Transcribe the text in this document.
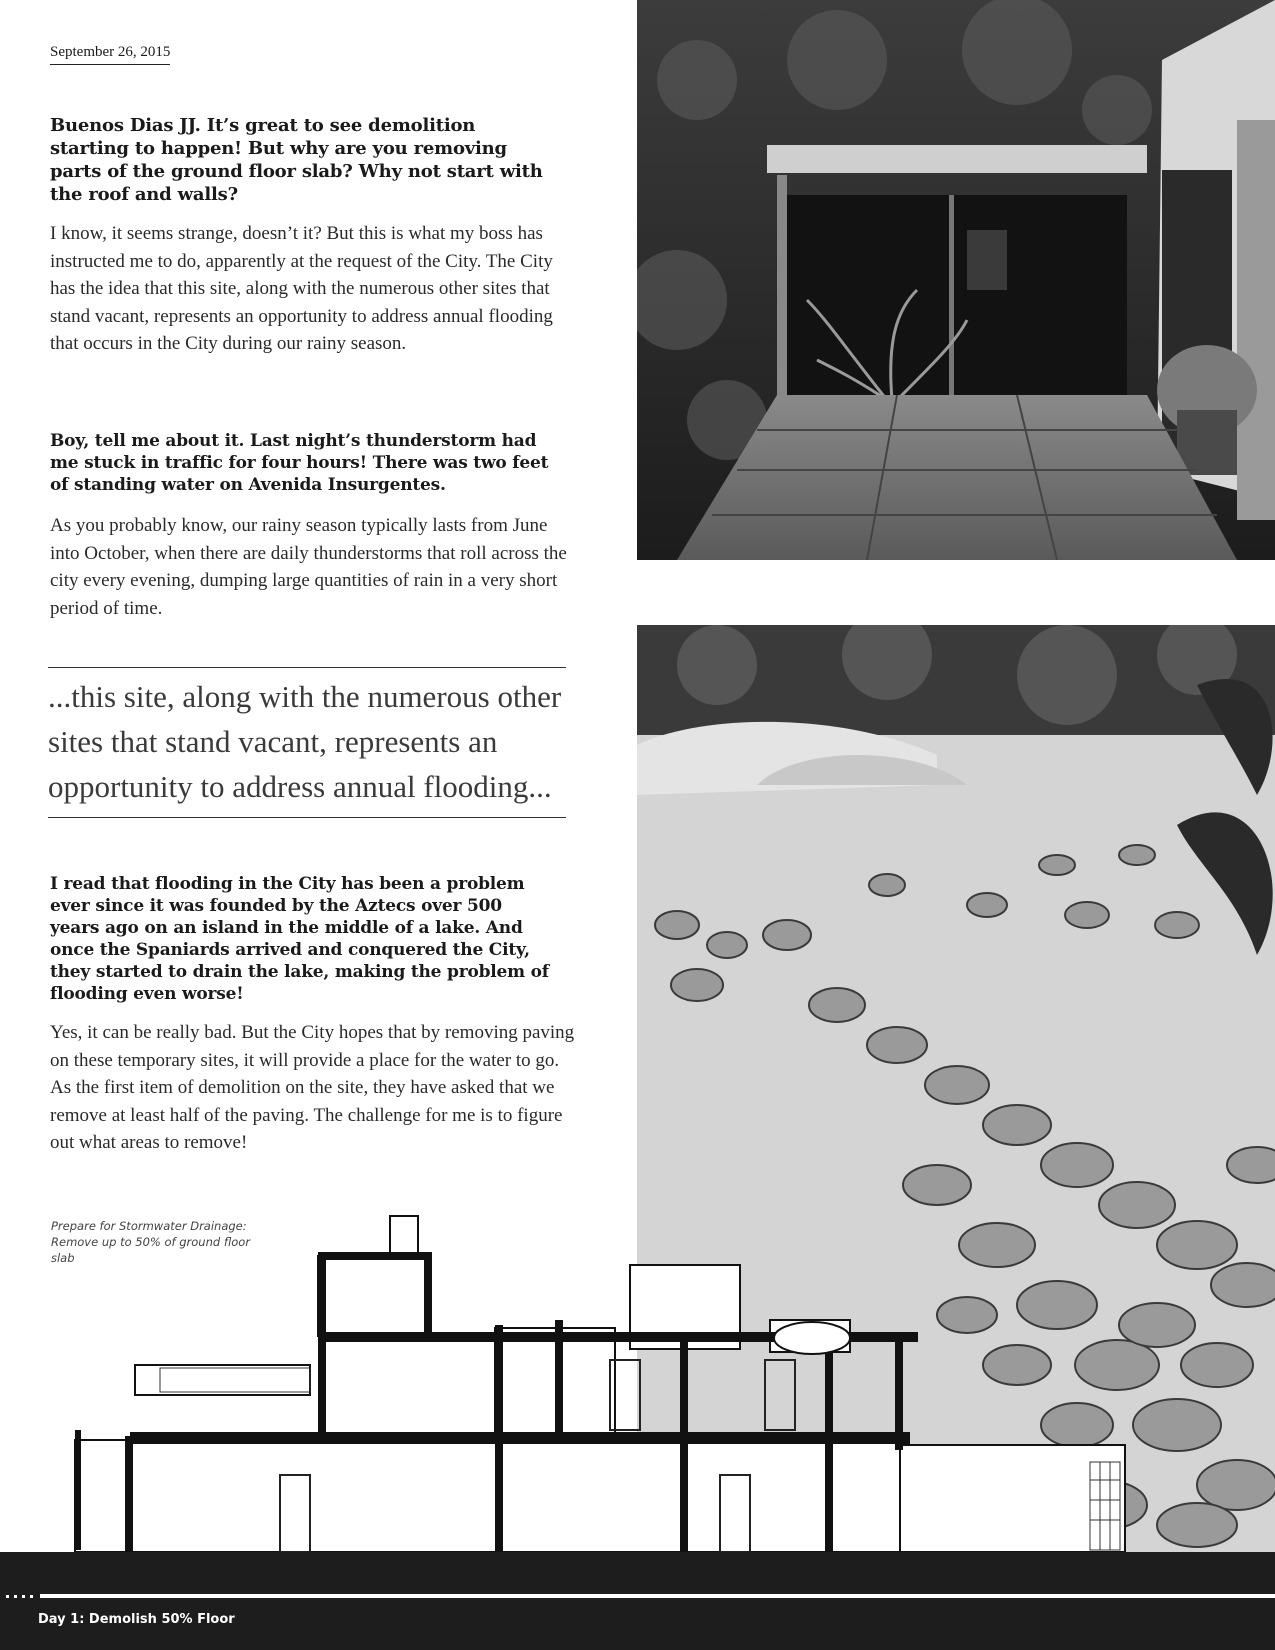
September 26, 2015
Buenos Dias JJ. It’s great to see demolition starting to happen! But why are you removing parts of the ground floor slab? Why not start with the roof and walls?
I know, it seems strange, doesn’t it? But this is what my boss has instructed me to do, apparently at the request of the City. The City has the idea that this site, along with the numerous other sites that stand vacant, represents an opportunity to address annual flooding that occurs in the City during our rainy season.
Boy, tell me about it. Last night’s thunderstorm had me stuck in traffic for four hours! There was two feet of standing water on Avenida Insurgentes.
As you probably know, our rainy season typically lasts from June into October, when there are daily thunderstorms that roll across the city every evening, dumping large quantities of rain in a very short period of time.
...this site, along with the numerous other sites that stand vacant, represents an opportunity to address annual flooding...
I read that flooding in the City has been a problem ever since it was founded by the Aztecs over 500 years ago on an island in the middle of a lake. And once the Spaniards arrived and conquered the City, they started to drain the lake, making the problem of flooding even worse!
Yes, it can be really bad. But the City hopes that by removing paving on these temporary sites, it will provide a place for the water to go. As the first item of demolition on the site, they have asked that we remove at least half of the paving. The challenge for me is to figure out what areas to remove!
Prepare for Stormwater Drainage: Remove up to 50% of ground floor slab
Day 1: Demolish 50% Floor
